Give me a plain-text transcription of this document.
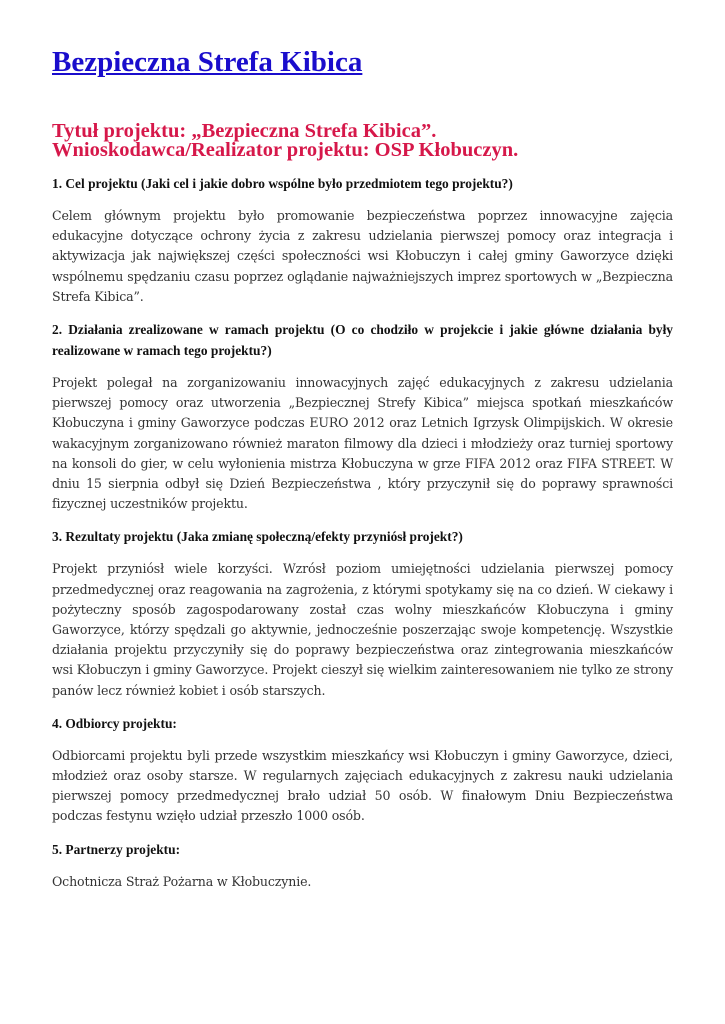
Bezpieczna Strefa Kibica
Tytuł projektu: „Bezpieczna Strefa Kibica”.
Wnioskodawca/Realizator projektu: OSP Kłobuczyn.

1. Cel projektu (Jaki cel i jakie dobro wspólne było przedmiotem tego projektu?)

Celem głównym projektu było promowanie bezpieczeństwa poprzez innowacyjne zajęcia edukacyjne dotyczące ochrony życia z zakresu udzielania pierwszej pomocy oraz integracja i aktywizacja jak największej części społeczności wsi Kłobuczyn i całej gminy Gaworzyce dzięki wspólnemu spędzaniu czasu poprzez oglądanie najważniejszych imprez sportowych w „Bezpieczna Strefa Kibica”.

2. Działania zrealizowane w ramach projektu (O co chodziło w projekcie i jakie główne działania były realizowane w ramach tego projektu?)

Projekt polegał na zorganizowaniu innowacyjnych zajęć edukacyjnych z zakresu udzielania pierwszej pomocy oraz utworzenia „Bezpiecznej Strefy Kibica” miejsca spotkań mieszkańców Kłobuczyna i gminy Gaworzyce podczas EURO 2012 oraz Letnich Igrzysk Olimpijskich. W okresie wakacyjnym zorganizowano również maraton filmowy dla dzieci i młodzieży oraz turniej sportowy na konsoli do gier, w celu wyłonienia mistrza Kłobuczyna w grze FIFA 2012 oraz FIFA STREET. W dniu 15 sierpnia odbył się Dzień Bezpieczeństwa , który przyczynił się do poprawy sprawności fizycznej uczestników projektu.

3. Rezultaty projektu (Jaka zmianę społeczną/efekty przyniósł projekt?)

Projekt przyniósł wiele korzyści. Wzrósł poziom umiejętności udzielania pierwszej pomocy przedmedycznej oraz reagowania na zagrożenia, z którymi spotykamy się na co dzień. W ciekawy i pożyteczny sposób zagospodarowany został czas wolny mieszkańców Kłobuczyna i gminy Gaworzyce, którzy spędzali go aktywnie, jednocześnie poszerzając swoje kompetencję. Wszystkie działania projektu przyczyniły się do poprawy bezpieczeństwa oraz zintegrowania mieszkańców wsi Kłobuczyn i gminy Gaworzyce. Projekt cieszył się wielkim zainteresowaniem nie tylko ze strony panów lecz również kobiet i osób starszych.

4. Odbiorcy projektu:

Odbiorcami projektu byli przede wszystkim mieszkańcy wsi Kłobuczyn i gminy Gaworzyce, dzieci, młodzież oraz osoby starsze. W regularnych zajęciach edukacyjnych z zakresu nauki udzielania pierwszej pomocy przedmedycznej brało udział 50 osób. W finałowym Dniu Bezpieczeństwa podczas festynu wzięło udział przeszło 1000 osób.

5. Partnerzy projektu:

Ochotnicza Straż Pożarna w Kłobuczynie.
